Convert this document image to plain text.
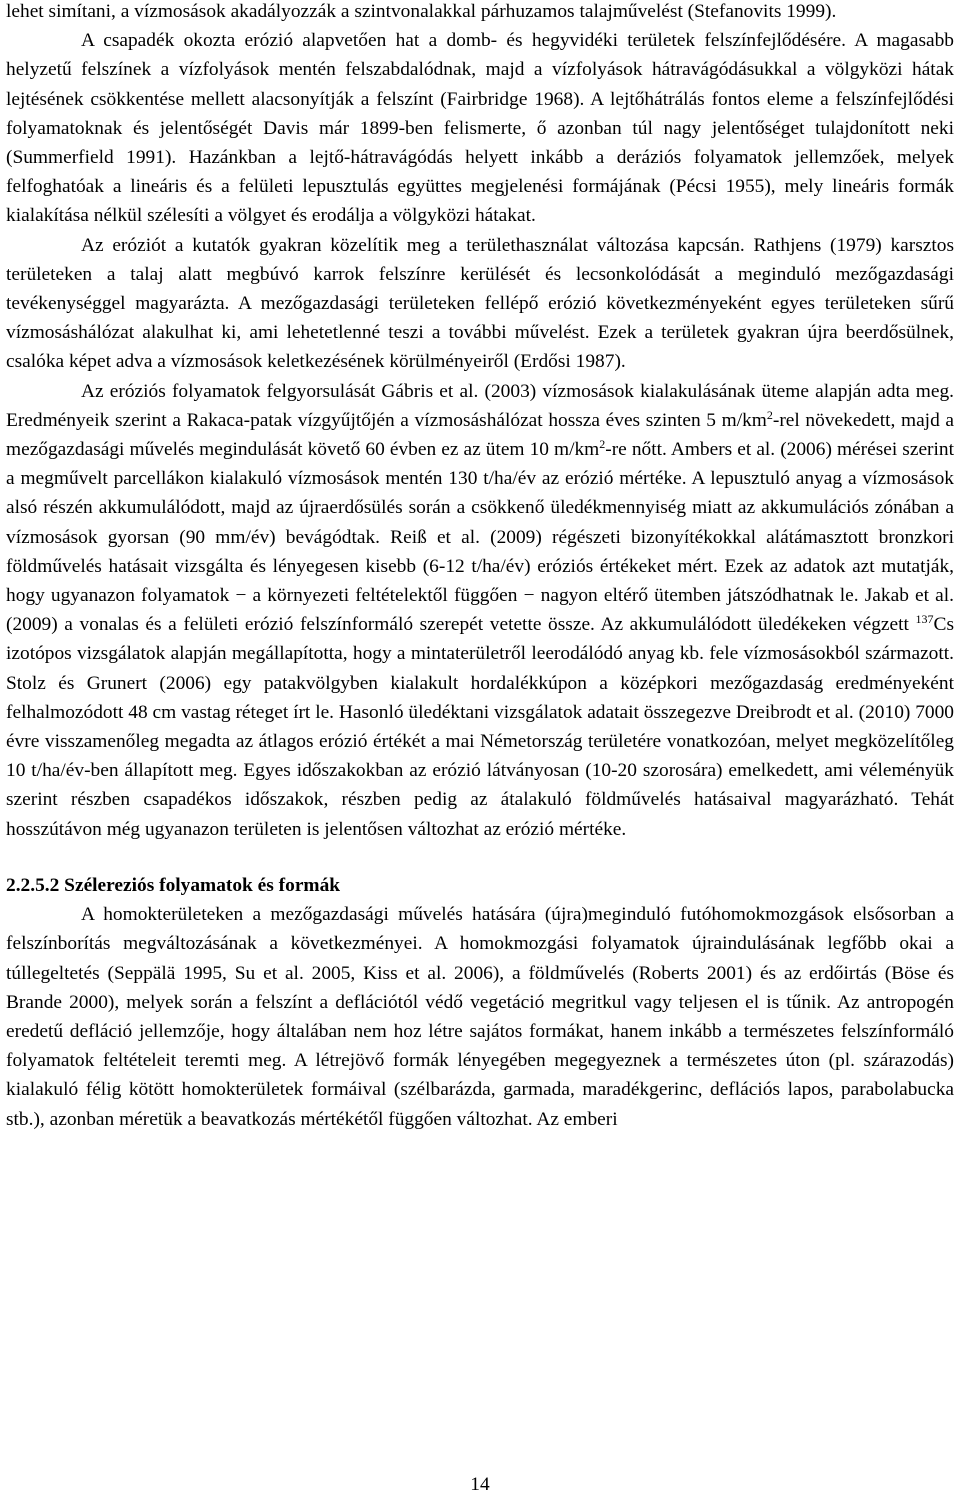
lehet simítani, a vízmosások akadályozzák a szintvonalakkal párhuzamos talajművelést (Stefanovits 1999).

A csapadék okozta erózió alapvetően hat a domb- és hegyvidéki területek felszínfejlődésére. A magasabb helyzetű felszínek a vízfolyások mentén felszabdalódnak, majd a vízfolyások hátravágódásukkal a völgyközi hátak lejtésének csökkentése mellett alacsonyítják a felszínt (Fairbridge 1968). A lejtőhátrálás fontos eleme a felszínfejlődési folyamatoknak és jelentőségét Davis már 1899-ben felismerte, ő azonban túl nagy jelentőséget tulajdonított neki (Summerfield 1991). Hazánkban a lejtő-hátravágódás helyett inkább a deráziós folyamatok jellemzőek, melyek felfoghatóak a lineáris és a felületi lepusztulás együttes megjelenési formájának (Pécsi 1955), mely lineáris formák kialakítása nélkül szélesíti a völgyet és erodálja a völgyközi hátakat.

Az eróziót a kutatók gyakran közelítik meg a területhasználat változása kapcsán. Rathjens (1979) karsztos területeken a talaj alatt megbúvó karrok felszínre kerülését és lecsonkolódását a meginduló mezőgazdasági tevékenységgel magyarázta. A mezőgazdasági területeken fellépő erózió következményeként egyes területeken sűrű vízmosáshálózat alakulhat ki, ami lehetetlenné teszi a további művelést. Ezek a területek gyakran újra beerdősülnek, csalóka képet adva a vízmosások keletkezésének körülményeiről (Erdősi 1987).

Az eróziós folyamatok felgyorsulását Gábris et al. (2003) vízmosások kialakulásának üteme alapján adta meg. Eredményeik szerint a Rakaca-patak vízgyűjtőjén a vízmosáshálózat hossza éves szinten 5 $m/km^2$-rel növekedett, majd a mezőgazdasági művelés megindulását követő 60 évben ez az ütem 10 $m/km^2-re$ nőtt. Ambers et al. (2006) mérései szerint a megművelt parcellákon kialakuló vízmosások mentén 130 t/ha/év az erózió mértéke. A lepusztuló anyag a vízmosások alsó részén akkumulálódott, majd az újraerdősülés során a csökkenő üledékmennyiség miatt az akkumulációs zónában a vízmosások gyorsan (90 mm/év) bevágódtak. Reiß et al. (2009) régészeti bizonyítékokkal alátámasztott bronzkori földművelés hatásait vizsgálta és lényegesen kisebb (6-12 t/ha/év) eróziós értékeket mért. Ezek az adatok azt mutatják, hogy ugyanazon folyamatok − a környezeti feltételektől függően − nagyon eltérő ütemben játszódhatnak le. Jakab et al. (2009) a vonalas és a felületi erózió felszínformáló szerepét vetette össze. Az akkumulálódott üledékeken végzett $^{137}$Cs izotópos vizsgálatok alapján megállapította, hogy a mintaterületről leerodálódó anyag kb. fele vízmosásokból származott. Stolz és Grunert (2006) egy patakvölgyben kialakult hordalékkúpon a középkori mezőgazdaság eredményeként felhalmozódott 48 cm vastag réteget írt le. Hasonló üledéktani vizsgálatok adatait összegezve Dreibrodt et al. (2010) 7000 évre visszamenőleg megadta az átlagos erózió értékét a mai Németország területére vonatkozóan, melyet megközelítőleg 10 t/ha/év-ben állapított meg. Egyes időszakokban az erózió látványosan (10-20 szorosára) emelkedett, ami véleményük szerint részben csapadékos időszakok, részben pedig az átalakuló földművelés hatásaival magyarázható. Tehát hosszútávon még ugyanazon területen is jelentősen változhat az erózió mértéke.

2.2.5.2 Szélereziós folyamatok és formák

A homokterületeken a mezőgazdasági művelés hatására (újra)meginduló futóhomokmozgások elsősorban a felszínborítás megváltozásának a következményei. A homokmozgási folyamatok újraindulásának legfőbb okai a túllegeltetés (Seppälä 1995, Su et al. 2005, Kiss et al. 2006), a földművelés (Roberts 2001) és az erdőirtás (Böse és Brande 2000), melyek során a felszínt a deflációtól védő vegetáció megritkul vagy teljesen el is tűnik. Az antropogén eredetű defláció jellemzője, hogy általában nem hoz létre sajátos formákat, hanem inkább a természetes felszínformáló folyamatok feltételeit teremti meg. A létrejövő formák lényegében megegyeznek a természetes úton (pl. szárazodás) kialakuló félig kötött homokterületek formáival (szélbarázda, garmada, maradékgerinc, deflációs lapos, parabolabucka stb.), azonban méretük a beavatkozás mértékétől függően változhat. Az emberi

14
